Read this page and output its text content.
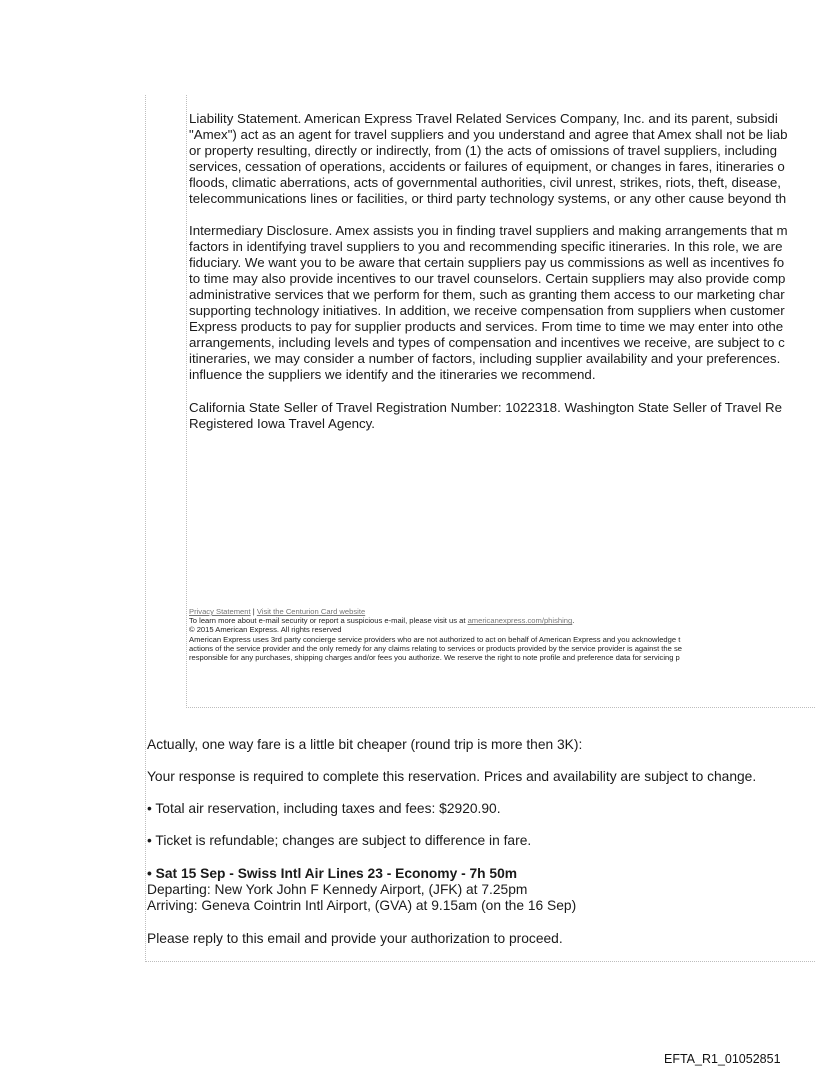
Liability Statement. American Express Travel Related Services Company, Inc. and its parent, subsidi
"Amex") act as an agent for travel suppliers and you understand and agree that Amex shall not be liab
or property resulting, directly or indirectly, from (1) the acts of omissions of travel suppliers, including
services, cessation of operations, accidents or failures of equipment, or changes in fares, itineraries o
floods, climatic aberrations, acts of governmental authorities, civil unrest, strikes, riots, theft, disease,
telecommunications lines or facilities, or third party technology systems, or any other cause beyond th
Intermediary Disclosure. Amex assists you in finding travel suppliers and making arrangements that m
factors in identifying travel suppliers to you and recommending specific itineraries. In this role, we are
fiduciary. We want you to be aware that certain suppliers pay us commissions as well as incentives fo
to time may also provide incentives to our travel counselors. Certain suppliers may also provide comp
administrative services that we perform for them, such as granting them access to our marketing char
supporting technology initiatives. In addition, we receive compensation from suppliers when customer
Express products to pay for supplier products and services. From time to time we may enter into othe
arrangements, including levels and types of compensation and incentives we receive, are subject to c
itineraries, we may consider a number of factors, including supplier availability and your preferences.
influence the suppliers we identify and the itineraries we recommend.
California State Seller of Travel Registration Number: 1022318. Washington State Seller of Travel Re
Registered Iowa Travel Agency.
Privacy Statement | Visit the Centurion Card website
To learn more about e-mail security or report a suspicious e-mail, please visit us at americanexpress.com/phishing.
© 2015 American Express. All rights reserved
American Express uses 3rd party concierge service providers who are not authorized to act on behalf of American Express and you acknowledge t
actions of the service provider and the only remedy for any claims relating to services or products provided by the service provider is against the se
responsible for any purchases, shipping charges and/or fees you authorize. We reserve the right to note profile and preference data for servicing p
Actually, one way fare is a little bit cheaper (round trip is more then 3K):
Your response is required to complete this reservation. Prices and availability are subject to change.
• Total air reservation, including taxes and fees: $2920.90.
• Ticket is refundable; changes are subject to difference in fare.
• Sat 15 Sep - Swiss Intl Air Lines 23 - Economy - 7h 50m
Departing: New York John F Kennedy Airport, (JFK) at 7.25pm
Arriving: Geneva Cointrin Intl Airport, (GVA) at 9.15am (on the 16 Sep)
Please reply to this email and provide your authorization to proceed.
EFTA_R1_01052851
